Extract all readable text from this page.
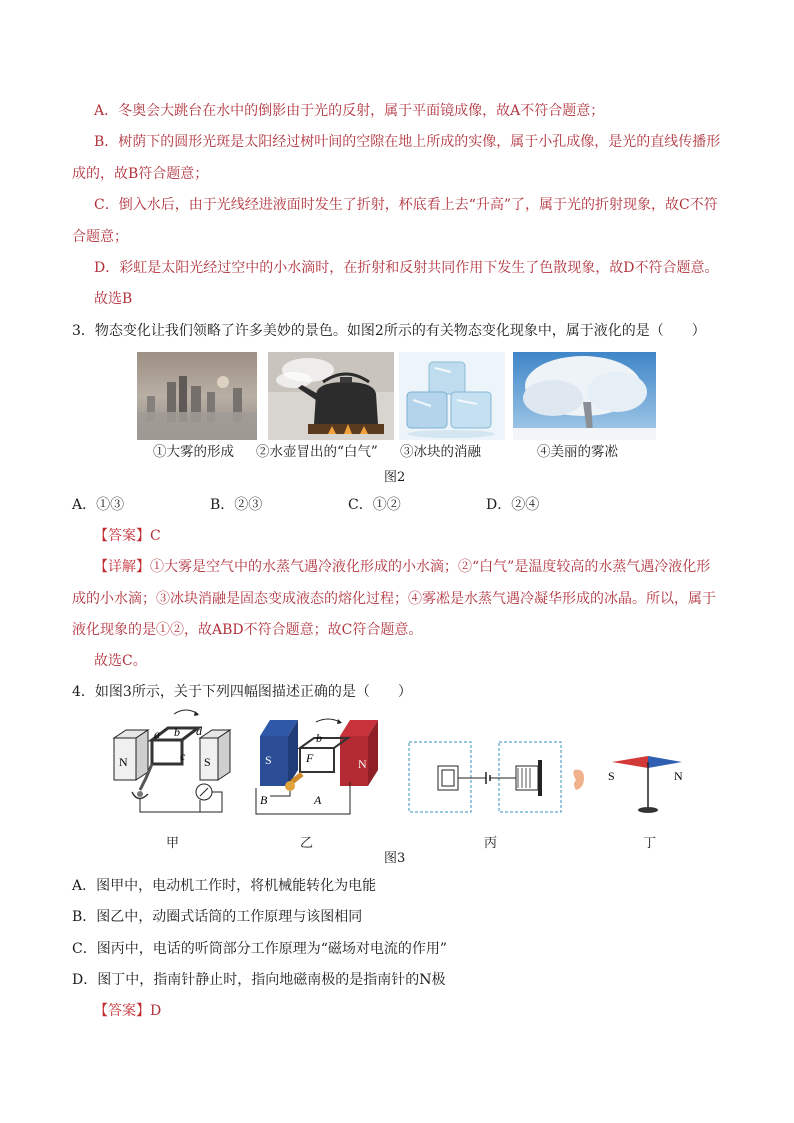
A．冬奥会大跳台在水中的倒影由于光的反射，属于平面镜成像，故A不符合题意；
B．树荫下的圆形光斑是太阳经过树叶间的空隙在地上所成的实像，属于小孔成像，是光的直线传播形
成的，故B符合题意；
C．倒入水后，由于光线经进液面时发生了折射，杯底看上去“升高”了，属于光的折射现象，故C不符
合题意；
D．彩虹是太阳光经过空中的小水滴时，在折射和反射共同作用下发生了色散现象，故D不符合题意。
故选B
3．物态变化让我们领略了许多美妙的景色。如图2所示的有关物态变化现象中，属于液化的是（　　）
①大雾的形成 ②水壶冒出的“白气” ③冰块的消融	④美丽的雾凇
图2
A．①③	B．②③	C．①②	D．②④
【答案】C
【详解】①大雾是空气中的水蒸气遇冷液化形成的小水滴；②“白气”是温度较高的水蒸气遇冷液化形
成的小水滴；③冰块消融是固态变成液态的熔化过程；④雾凇是水蒸气遇冷凝华形成的冰晶。所以，属于
液化现象的是①②，故ABD不符合题意；故C符合题意。
故选C。
4．如图3所示，关于下列四幅图描述正确的是（　　）
N	S
a b d
c	S	N
b
F
B	A
S	N
甲	乙	丙	丁
图3
A．图甲中，电动机工作时，将机械能转化为电能
B．图乙中，动圈式话筒的工作原理与该图相同
C．图丙中，电话的听筒部分工作原理为“磁场对电流的作用”
D．图丁中，指南针静止时，指向地磁南极的是指南针的N极
【答案】D
